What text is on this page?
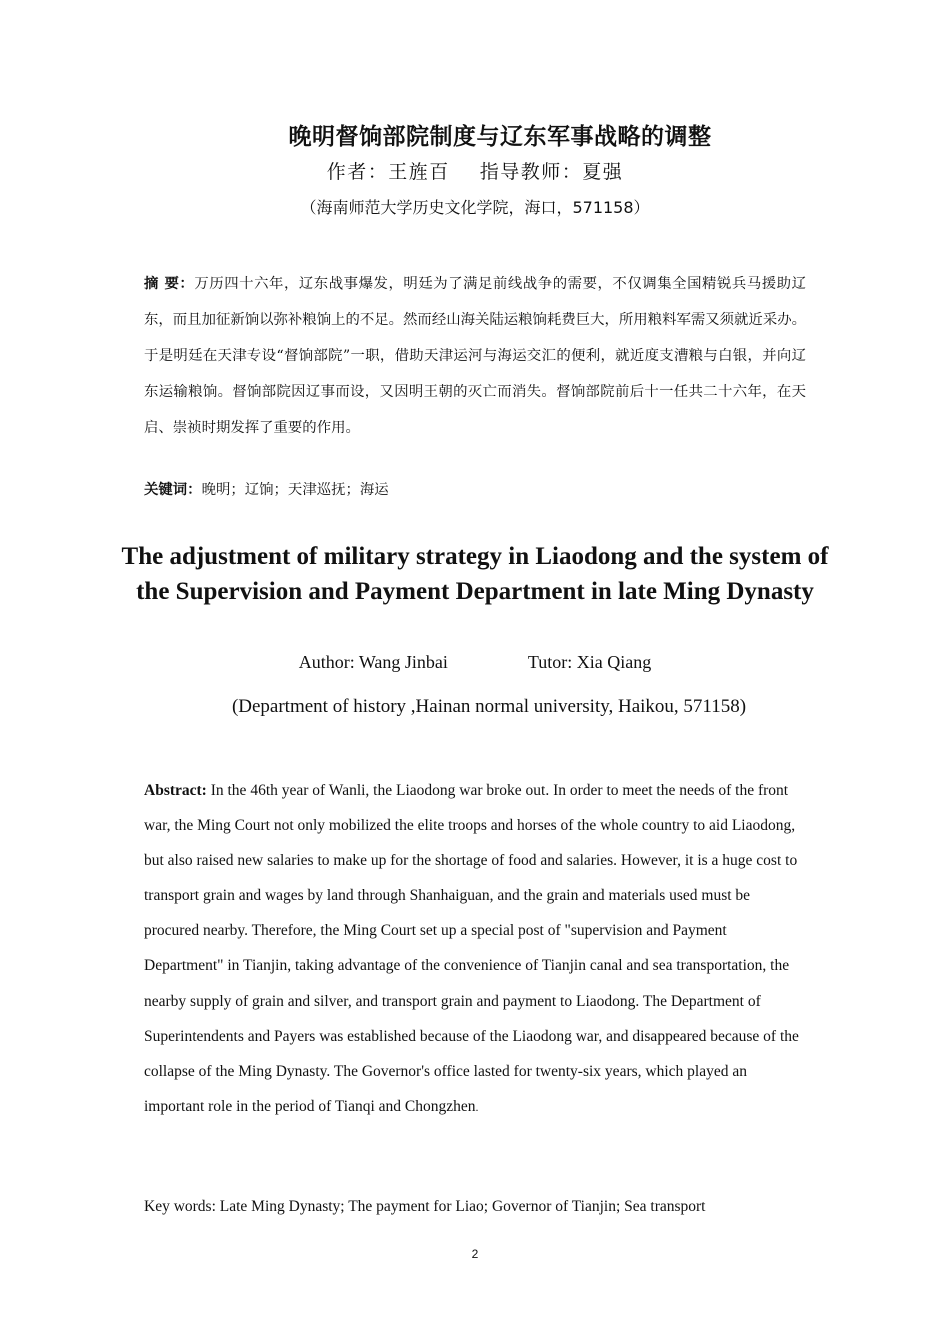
晚明督饷部院制度与辽东军事战略的调整
作者：王旌百 指导教师：夏强
（海南师范大学历史文化学院，海口，571158）
摘 要：万历四十六年，辽东战事爆发，明廷为了满足前线战争的需要，不仅调集全国精锐兵马援助辽东，而且加征新饷以弥补粮饷上的不足。然而经山海关陆运粮饷耗费巨大，所用粮料军需又须就近采办。于是明廷在天津专设“督饷部院”一职，借助天津运河与海运交汇的便利，就近度支漕粮与白银，并向辽东运输粮饷。督饷部院因辽事而设，又因明王朝的灭亡而消失。督饷部院前后十一任共二十六年，在天启、崇祯时期发挥了重要的作用。
关键词：晚明；辽饷；天津巡抚；海运
The adjustment of military strategy in Liaodong and the system of the Supervision and Payment Department in late Ming Dynasty
Author: Wang Jinbai	Tutor: Xia Qiang
(Department of history ,Hainan normal university, Haikou, 571158)
Abstract: In the 46th year of Wanli, the Liaodong war broke out. In order to meet the needs of the front war, the Ming Court not only mobilized the elite troops and horses of the whole country to aid Liaodong, but also raised new salaries to make up for the shortage of food and salaries. However, it is a huge cost to transport grain and wages by land through Shanhaiguan, and the grain and materials used must be procured nearby. Therefore, the Ming Court set up a special post of "supervision and Payment Department" in Tianjin, taking advantage of the convenience of Tianjin canal and sea transportation, the nearby supply of grain and silver, and transport grain and payment to Liaodong. The Department of Superintendents and Payers was established because of the Liaodong war, and disappeared because of the collapse of the Ming Dynasty. The Governor's office lasted for twenty-six years, which played an important role in the period of Tianqi and Chongzhen.
Key words: Late Ming Dynasty; The payment for Liao; Governor of Tianjin; Sea transport
2
